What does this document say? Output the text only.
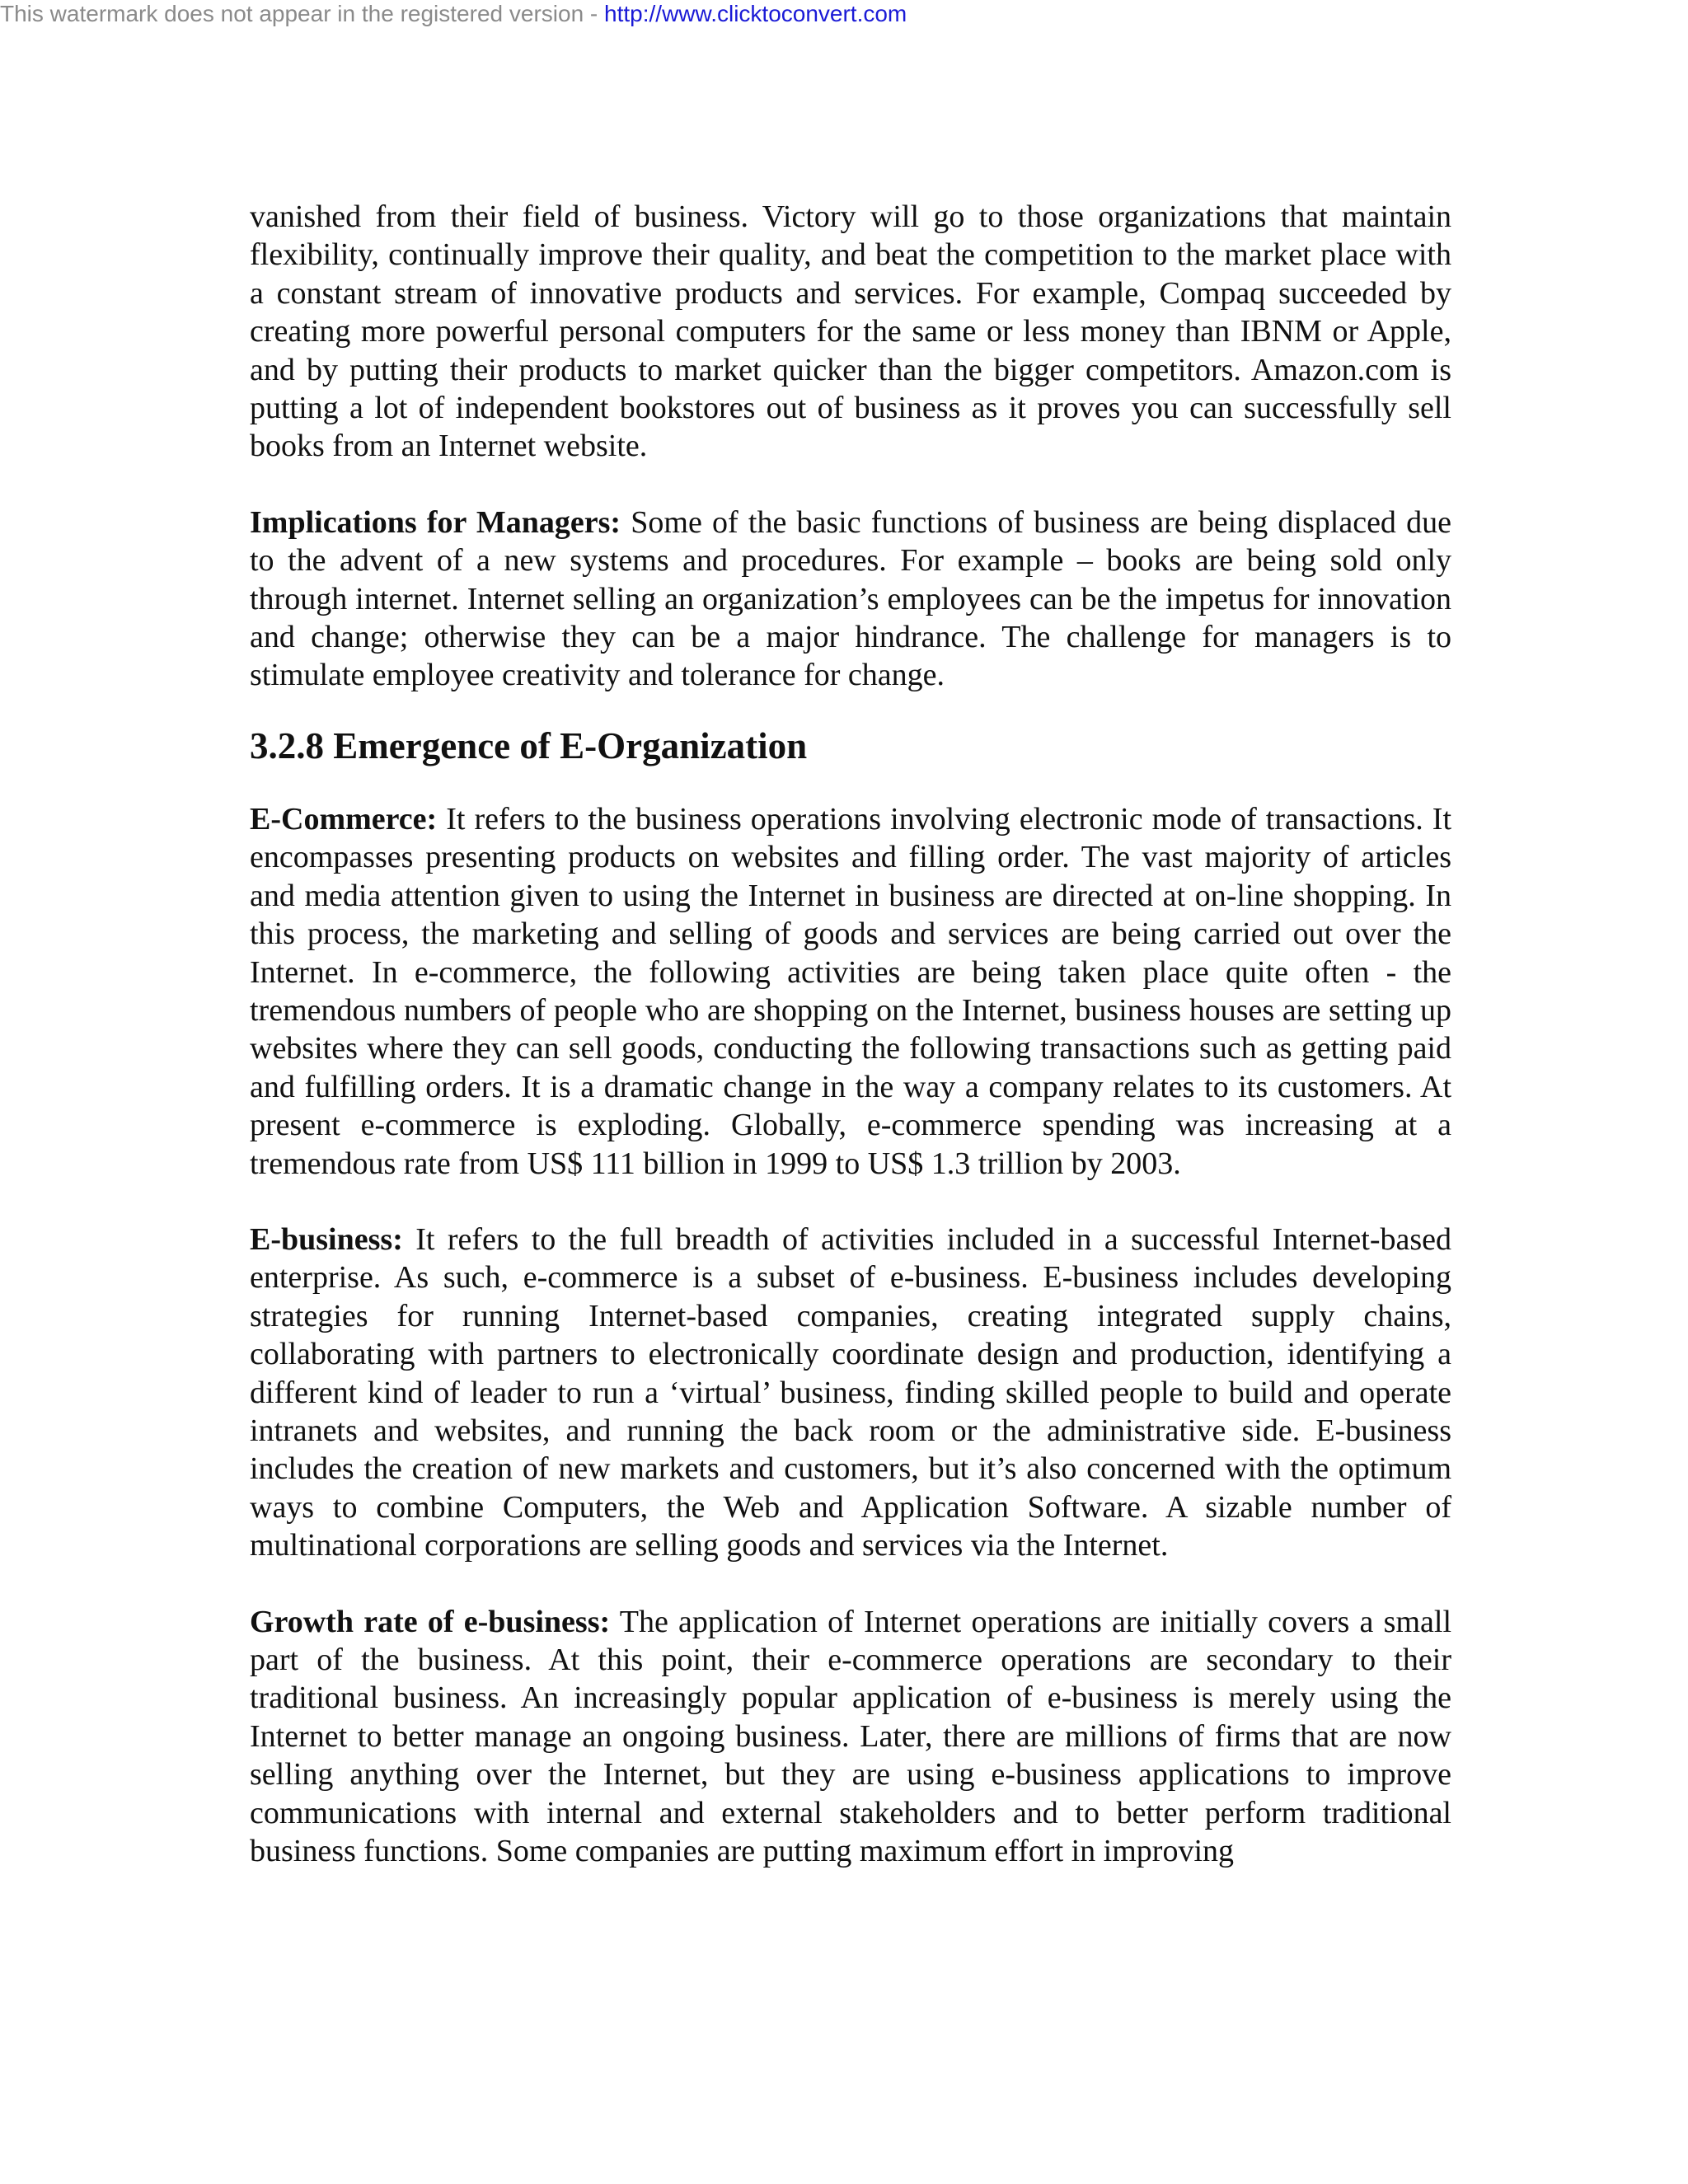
This watermark does not appear in the registered version - http://www.clicktoconvert.com

vanished from their field of business. Victory will go to those organizations that maintain flexibility, continually improve their quality, and beat the competition to the market place with a constant stream of innovative products and services. For example, Compaq succeeded by creating more powerful personal computers for the same or less money than IBNM or Apple, and by putting their products to market quicker than the bigger competitors. Amazon.com is putting a lot of independent bookstores out of business as it proves you can successfully sell books from an Internet website.

Implications for Managers: Some of the basic functions of business are being displaced due to the advent of a new systems and procedures. For example – books are being sold only through internet. Internet selling an organization’s employees can be the impetus for innovation and change; otherwise they can be a major hindrance. The challenge for managers is to stimulate employee creativity and tolerance for change.

3.2.8 Emergence of E-Organization

E-Commerce: It refers to the business operations involving electronic mode of transactions. It encompasses presenting products on websites and filling order. The vast majority of articles and media attention given to using the Internet in business are directed at on-line shopping. In this process, the marketing and selling of goods and services are being carried out over the Internet. In e-commerce, the following activities are being taken place quite often - the tremendous numbers of people who are shopping on the Internet, business houses are setting up websites where they can sell goods, conducting the following transactions such as getting paid and fulfilling orders. It is a dramatic change in the way a company relates to its customers. At present e-commerce is exploding. Globally, e-commerce spending was increasing at a tremendous rate from US$ 111 billion in 1999 to US$ 1.3 trillion by 2003.

E-business: It refers to the full breadth of activities included in a successful Internet-based enterprise. As such, e-commerce is a subset of e-business. E-business includes developing strategies for running Internet-based companies, creating integrated supply chains, collaborating with partners to electronically coordinate design and production, identifying a different kind of leader to run a ‘virtual’ business, finding skilled people to build and operate intranets and websites, and running the back room or the administrative side. E-business includes the creation of new markets and customers, but it’s also concerned with the optimum ways to combine Computers, the Web and Application Software. A sizable number of multinational corporations are selling goods and services via the Internet.

Growth rate of e-business: The application of Internet operations are initially covers a small part of the business. At this point, their e-commerce operations are secondary to their traditional business. An increasingly popular application of e-business is merely using the Internet to better manage an ongoing business. Later, there are millions of firms that are now selling anything over the Internet, but they are using e-business applications to improve communications with internal and external stakeholders and to better perform traditional business functions. Some companies are putting maximum effort in improving
